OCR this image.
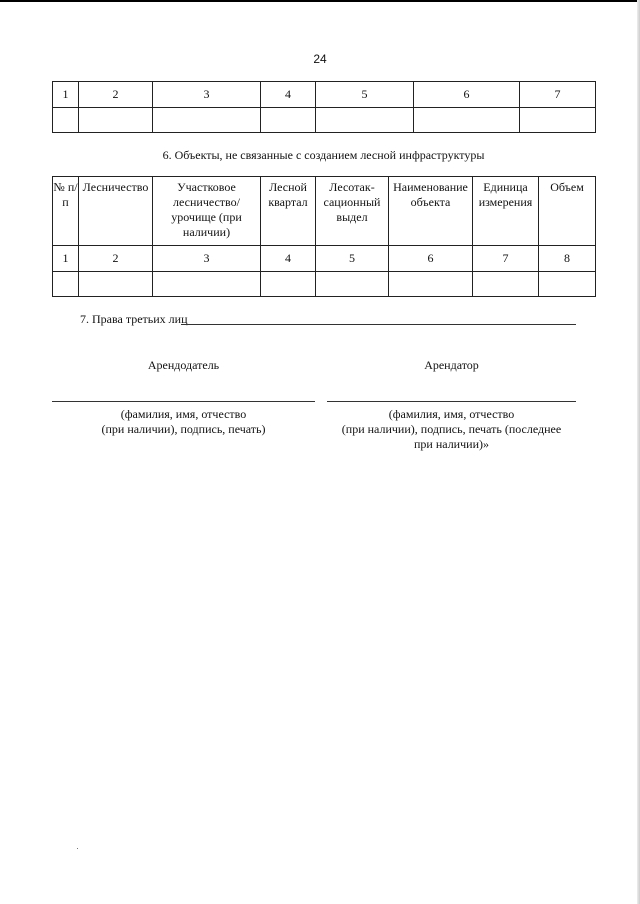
24
1	2	3	4	5	6	7

6. Объекты, не связанные с созданием лесной инфраструктуры
№ п/п	Лесничество	Участковое лесничество/ урочище (при наличии)	Лесной квартал	Лесотак-сационный выдел	Наименование объекта	Единица измерения	Объем
1	2	3	4	5	6	7	8

7. Права третьих лиц
Арендодатель	Арендатор
(фамилия, имя, отчество
(при наличии), подпись, печать)
(фамилия, имя, отчество
(при наличии), подпись, печать (последнее
при наличии)»
